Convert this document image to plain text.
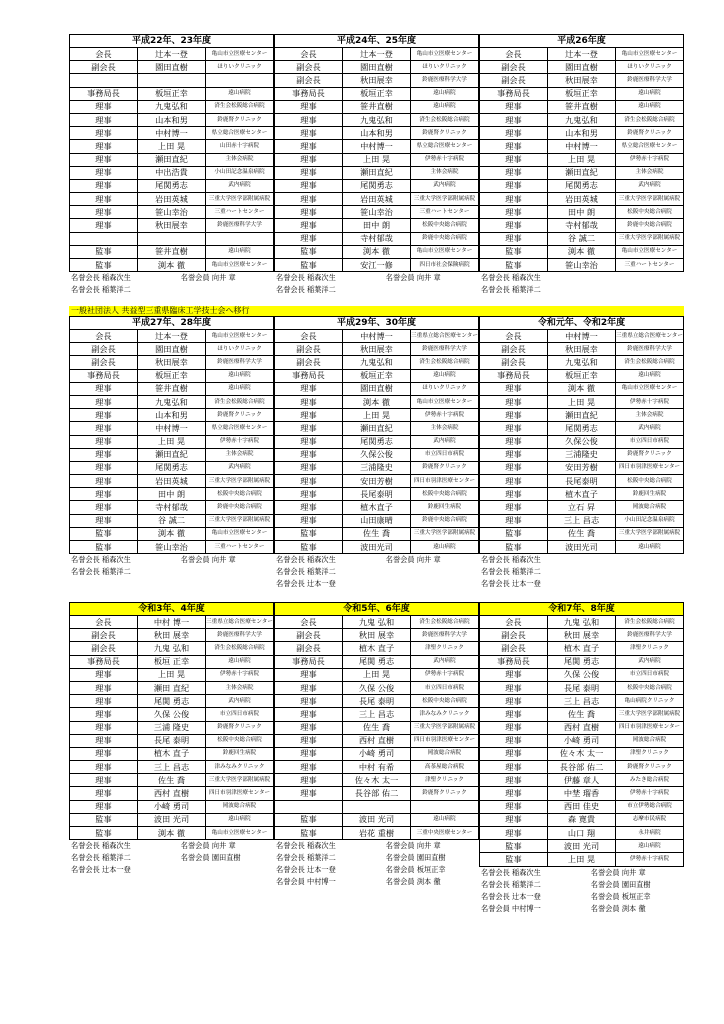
平成22年、23年度		
会長	辻本一登	亀山市立医療センター
副会長	園田直樹	ほりいクリニック

事務局長	板垣正幸	遠山病院
理事	九鬼弘和	済生会松阪総合病院
理事	山本和男	鈴鹿腎クリニック
理事	中村博一	県立総合医療センター
理事	上田 晃	山田赤十字病院
理事	瀬田直紀	主体会病院
理事	中出浩貴	小山田記念温泉病院
理事	尾関勇志	武内病院
理事	岩田英城	三重大学医学部附属病院
理事	笹山幸治	三重ハートセンター
理事	秋田展幸	鈴鹿医療科学大学

監事	笹井直樹	遠山病院
監事	渕本 徹	亀山市立医療センター
名誉会長 稲森次生	名誉会員 向井 章
名誉会長 稲葉洋二
平成24年、25年度		
会長	辻本一登	亀山市立医療センター
副会長	園田直樹	ほりいクリニック
副会長	秋田展幸	鈴鹿医療科学大学
事務局長	板垣正幸	遠山病院
理事	笹井直樹	遠山病院
理事	九鬼弘和	済生会松阪総合病院
理事	山本和男	鈴鹿腎クリニック
理事	中村博一	県立総合医療センター
理事	上田 晃	伊勢赤十字病院
理事	瀬田直紀	主体会病院
理事	尾関勇志	武内病院
理事	岩田英城	三重大学医学部附属病院
理事	笹山幸治	三重ハートセンター
理事	田中 朗	松阪中央総合病院
理事	寺村郁哉	鈴鹿中央総合病院
監事	渕本 徹	亀山市立医療センター
監事	安江一修	四日市社会保険病院
名誉会長 稲森次生	名誉会員 向井 章
名誉会長 稲葉洋二
平成26年度		
会長	辻本一登	亀山市立医療センター
副会長	園田直樹	ほりいクリニック
副会長	秋田展幸	鈴鹿医療科学大学
事務局長	板垣正幸	遠山病院
理事	笹井直樹	遠山病院
理事	九鬼弘和	済生会松阪総合病院
理事	山本和男	鈴鹿腎クリニック
理事	中村博一	県立総合医療センター
理事	上田 晃	伊勢赤十字病院
理事	瀬田直紀	主体会病院
理事	尾関勇志	武内病院
理事	岩田英城	三重大学医学部附属病院
理事	田中 朗	松阪中央総合病院
理事	寺村郁哉	鈴鹿中央総合病院
理事	谷 誠二	三重大学医学部附属病院
監事	渕本 徹	亀山市立医療センター
監事	笹山幸治	三重ハートセンター
名誉会長 稲森次生
名誉会長 稲葉洋二
一般社団法人 共益型三重県臨床工学技士会へ移行
平成27年、28年度		
会長	辻本一登	亀山市立医療センター
副会長	園田直樹	ほりいクリニック
副会長	秋田展幸	鈴鹿医療科学大学
事務局長	板垣正幸	遠山病院
理事	笹井直樹	遠山病院
理事	九鬼弘和	済生会松阪総合病院
理事	山本和男	鈴鹿腎クリニック
理事	中村博一	県立総合医療センター
理事	上田 晃	伊勢赤十字病院
理事	瀬田直紀	主体会病院
理事	尾関勇志	武内病院
理事	岩田英城	三重大学医学部附属病院
理事	田中 朗	松阪中央総合病院
理事	寺村郁哉	鈴鹿中央総合病院
理事	谷 誠二	三重大学医学部附属病院
監事	渕本 徹	亀山市立医療センター
監事	笹山幸治	三重ハートセンター
名誉会長 稲森次生	名誉会員 向井 章
名誉会長 稲葉洋二
平成29年、30年度		
会長	中村博一	三重県立総合医療センター
副会長	秋田展幸	鈴鹿医療科学大学
副会長	九鬼弘和	済生会松阪総合病院
事務局長	板垣正幸	遠山病院
理事	園田直樹	ほりいクリニック
理事	渕本 徹	亀山市立医療センター
理事	上田 晃	伊勢赤十字病院
理事	瀬田直紀	主体会病院
理事	尾関勇志	武内病院
理事	久保公俊	市立四日市病院
理事	三浦隆史	鈴鹿腎クリニック
理事	安田芳樹	四日市羽津医療センター
理事	長尾泰明	松阪中央総合病院
理事	植木直子	鈴鹿回生病院
理事	山田康晴	鈴鹿中央総合病院
監事	佐生 喬	三重大学医学部附属病院
監事	波田光司	遠山病院
名誉会長 稲森次生	名誉会員 向井 章
名誉会長 稲葉洋二
名誉会長 辻本一登
令和元年、令和2年度		
会長	中村博一	三重県立総合医療センター
副会長	秋田展幸	鈴鹿医療科学大学
副会長	九鬼弘和	済生会松阪総合病院
事務局長	板垣正幸	遠山病院
理事	渕本 徹	亀山市立医療センター
理事	上田 晃	伊勢赤十字病院
理事	瀬田直紀	主体会病院
理事	尾関勇志	武内病院
理事	久保公俊	市立四日市病院
理事	三浦隆史	鈴鹿腎クリニック
理事	安田芳樹	四日市羽津医療センター
理事	長尾泰明	松阪中央総合病院
理事	植木直子	鈴鹿回生病院
理事	立石 昇	岡波総合病院
理事	三上 昌志	小山田記念温泉病院
監事	佐生 喬	三重大学医学部附属病院
監事	波田光司	遠山病院
名誉会長 稲森次生
名誉会長 稲葉洋二
名誉会長 辻本一登
令和3年、4年度		
会長	中村 博一	三重県立総合医療センター
副会長	秋田 展幸	鈴鹿医療科学大学
副会長	九鬼 弘和	済生会松阪総合病院
事務局長	板垣 正幸	遠山病院
理事	上田 晃	伊勢赤十字病院
理事	瀬田 直紀	主体会病院
理事	尾関 勇志	武内病院
理事	久保 公俊	市立四日市病院
理事	三浦 隆史	鈴鹿腎クリニック
理事	長尾 泰明	松阪中央総合病院
理事	植木 直子	鈴鹿回生病院
理事	三上 昌志	津みなみクリニック
理事	佐生 喬	三重大学医学部附属病院
理事	西村 直樹	四日市羽津医療センター
理事	小崎 勇司	岡波総合病院
監事	波田 光司	遠山病院
監事	渕本 徹	亀山市立医療センター
名誉会長 稲森次生	名誉会員 向井 章
名誉会長 稲葉洋二	名誉会員 園田直樹
名誉会長 辻本一登
令和5年、6年度		
会長	九鬼 弘和	済生会松阪総合病院
副会長	秋田 展幸	鈴鹿医療科学大学
副会長	植木 直子	津聖クリニック
事務局長	尾関 勇志	武内病院
理事	上田 晃	伊勢赤十字病院
理事	久保 公俊	市立四日市病院
理事	長尾 泰明	松阪中央総合病院
理事	三上 昌志	津みなみクリニック
理事	佐生 喬	三重大学医学部附属病院
理事	西村 直樹	四日市羽津医療センター
理事	小崎 勇司	岡波総合病院
理事	中村 有希	高茶屋総合病院
理事	佐々木 太一	津聖クリニック
理事	長谷部 佑二	鈴鹿腎クリニック

監事	波田 光司	遠山病院
監事	岩花 重樹	三重中央医療センター
名誉会長 稲森次生	名誉会員 向井 章
名誉会長 稲葉洋二	名誉会員 園田直樹
名誉会長 辻本一登	名誉会員 板垣正幸
名誉会員 中村博一	名誉会員 渕本 徹
令和7年、8年度		
会長	九鬼 弘和	済生会松阪総合病院
副会長	秋田 展幸	鈴鹿医療科学大学
副会長	植木 直子	津聖クリニック
事務局長	尾関 勇志	武内病院
理事	久保 公俊	市立四日市病院
理事	長尾 泰明	松阪中央総合病院
理事	三上 昌志	亀山病院クリニック
理事	佐生 喬	三重大学医学部附属病院
理事	西村 直樹	四日市羽津医療センター
理事	小崎 勇司	岡波総合病院
理事	佐々木 太一	津聖クリニック
理事	長谷部 佑二	鈴鹿腎クリニック
理事	伊藤 章人	みたき総合病院
理事	中埜 瑠香	伊勢赤十字病院
理事	西田 佳史	市立伊勢総合病院
理事	森 寛貴	志摩市民病院
理事	山口 翔	永井病院
監事	波田 光司	遠山病院
監事	上田 晃	伊勢赤十字病院
名誉会長 稲森次生	名誉会員 向井 章
名誉会長 稲葉洋二	名誉会員 園田直樹
名誉会長 辻本一登	名誉会員 板垣正幸
名誉会員 中村博一	名誉会員 渕本 徹
